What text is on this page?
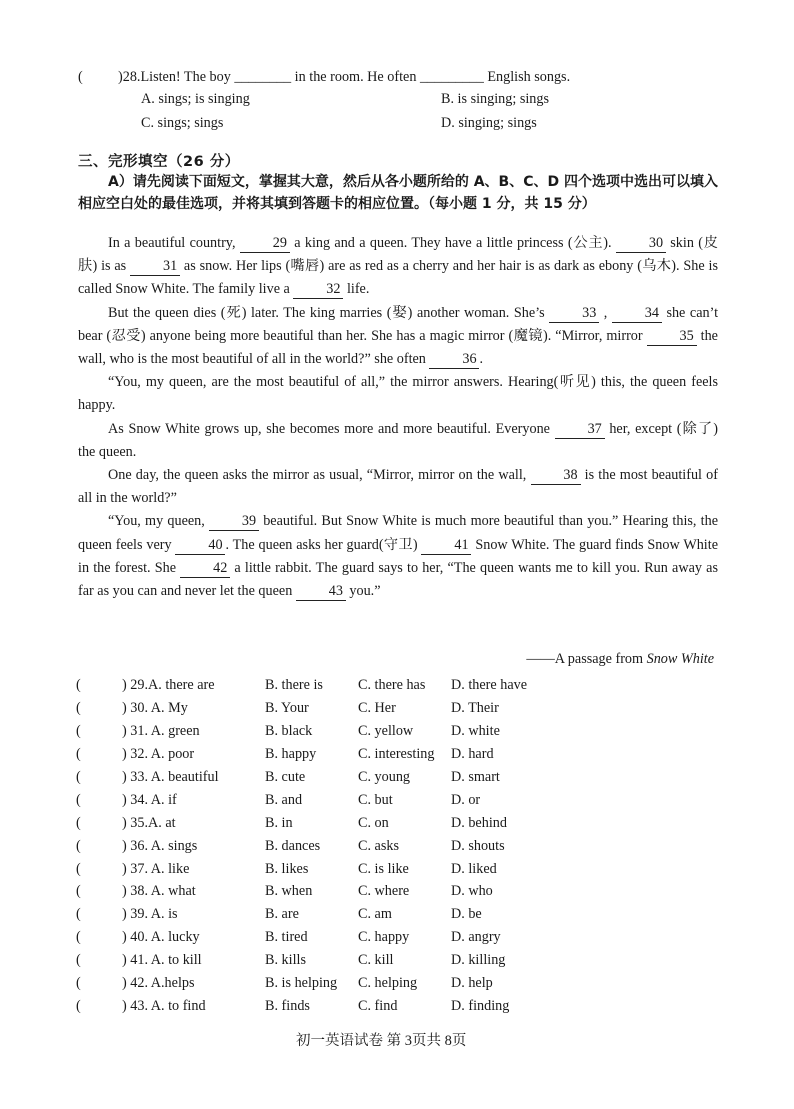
( )28.Listen! The boy ________ in the room. He often _________ English songs.
A. sings; is singing	B. is singing; sings
C. sings; sings	D. singing; sings
三、完形填空（26 分）
A）请先阅读下面短文，掌握其大意，然后从各小题所给的 A、B、C、D 四个选项中选出可以填入相应空白处的最佳选项，并将其填到答题卡的相应位置。（每小题 1 分，共 15 分）

In a beautiful country, 29 a king and a queen. They have a little princess (公主). 30 skin (皮肤) is as 31 as snow. Her lips (嘴唇) are as red as a cherry and her hair is as dark as ebony (乌木). She is called Snow White. The family live a 32 life.

But the queen dies (死) later. The king marries (娶) another woman. She’s 33 , 34 she can’t bear (忍受) anyone being more beautiful than her. She has a magic mirror (魔镜). “Mirror, mirror 35 the wall, who is the most beautiful of all in the world?” she often 36 .

“You, my queen, are the most beautiful of all,” the mirror answers. Hearing(听见) this, the queen feels happy.

As Snow White grows up, she becomes more and more beautiful. Everyone 37 her, except (除了) the queen.

One day, the queen asks the mirror as usual, “Mirror, mirror on the wall, 38 is the most beautiful of all in the world?”

“You, my queen, 39 beautiful. But Snow White is much more beautiful than you.” Hearing this, the queen feels very 40 . The queen asks her guard(守卫) 41 Snow White. The guard finds Snow White in the forest. She 42 a little rabbit. The guard says to her, “The queen wants me to kill you. Run away as far as you can and never let the queen 43 you.”

——A passage from Snow White
(	) 29.A. there are	B. there is	C. there has	D. there have
(	) 30. A. My	B. Your	C. Her	D. Their
(	) 31. A. green	B. black	C. yellow	D. white
(	) 32. A. poor	B. happy	C. interesting	D. hard
(	) 33. A. beautiful	B. cute	C. young	D. smart
(	) 34. A. if	B. and	C. but	D. or
(	) 35.A. at	B. in	C. on	D. behind
(	) 36. A. sings	B. dances	C. asks	D. shouts
(	) 37. A. like	B. likes	C. is like	D. liked
(	) 38. A. what	B. when	C. where	D. who
(	) 39. A. is	B. are	C. am	D. be
(	) 40. A. lucky	B. tired	C. happy	D. angry
(	) 41. A. to kill	B. kills	C. kill	D. killing
(	) 42. A.helps	B. is helping	C. helping	D. help
(	) 43. A. to find	B. finds	C. find	D. finding
初一英语试卷 第 3页共 8页
